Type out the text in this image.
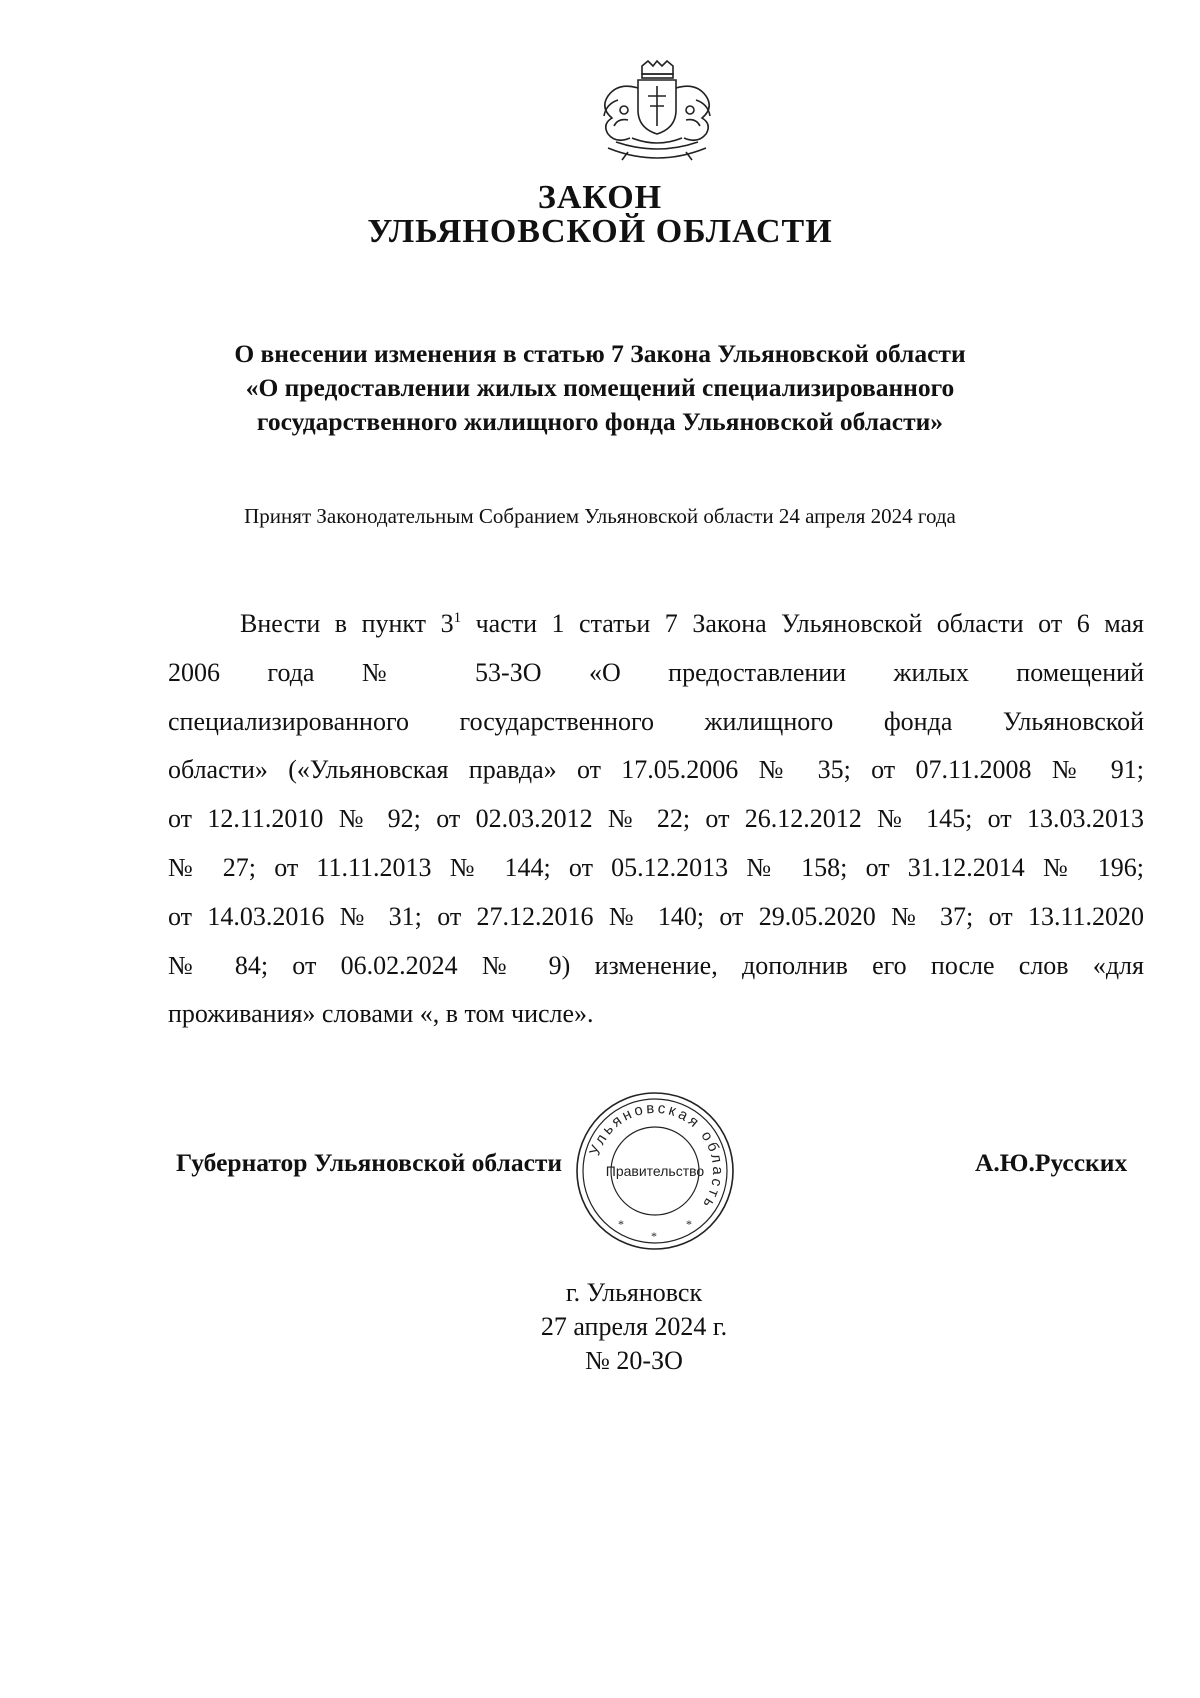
ЗАКОН
УЛЬЯНОВСКОЙ ОБЛАСТИ
О внесении изменения в статью 7 Закона Ульяновской области
«О предоставлении жилых помещений специализированного
государственного жилищного фонда Ульяновской области»
Принят Законодательным Собранием Ульяновской области 24 апреля 2024 года
Внести в пункт $3^1$ части 1 статьи 7 Закона Ульяновской области от 6 мая
2006 года № 53-ЗО «О предоставлении жилых помещений
специализированного государственного жилищного фонда Ульяновской
области» («Ульяновская правда» от 17.05.2006 № 35; от 07.11.2008 № 91;
от 12.11.2010 № 92; от 02.03.2012 № 22; от 26.12.2012 № 145; от 13.03.2013
№ 27; от 11.11.2013 № 144; от 05.12.2013 № 158; от 31.12.2014 № 196;
от 14.03.2016 № 31; от 27.12.2016 № 140; от 29.05.2020 № 37; от 13.11.2020
№ 84; от 06.02.2024 № 9) изменение, дополнив его после слов «для
проживания» словами «, в том числе».
Губернатор Ульяновской области	А.Ю.Русских
Ульяновская область
Правительство
*
*
*
г. Ульяновск
27 апреля 2024 г.
№ 20-ЗО
